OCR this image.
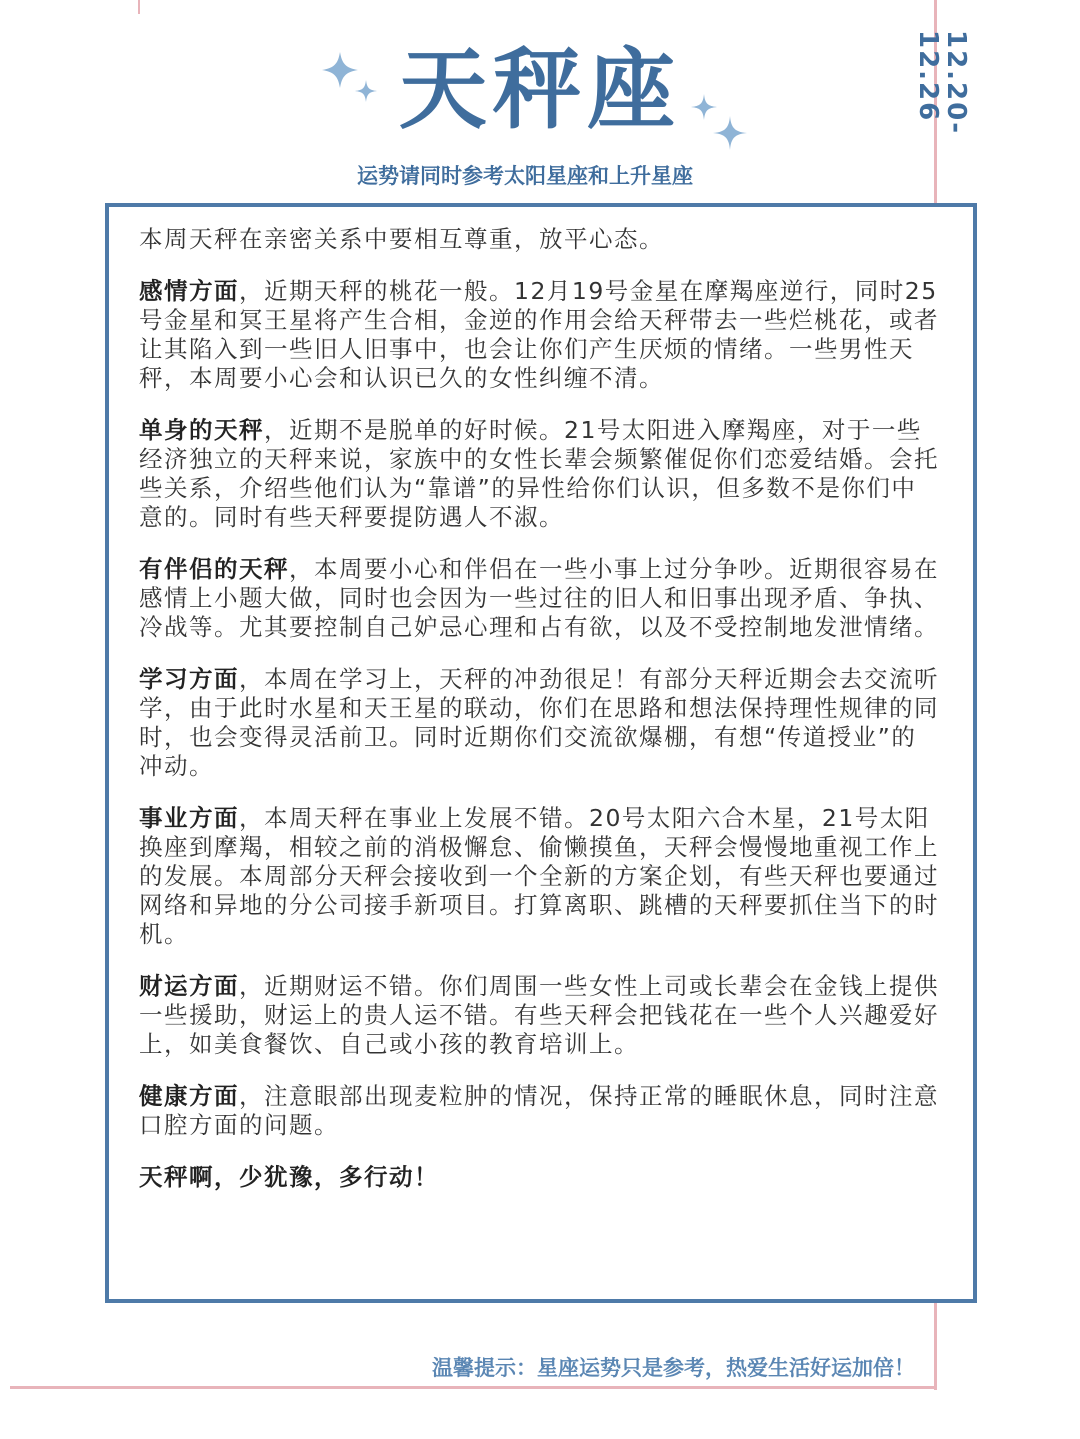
天秤座
运势请同时参考太阳星座和上升星座
12.20-12.26

本周天秤在亲密关系中要相互尊重，放平心态。

感情方面，近期天秤的桃花一般。12月19号金星在摩羯座逆行，同时25号金星和冥王星将产生合相，金逆的作用会给天秤带去一些烂桃花，或者让其陷入到一些旧人旧事中，也会让你们产生厌烦的情绪。一些男性天秤，本周要小心会和认识已久的女性纠缠不清。

单身的天秤，近期不是脱单的好时候。21号太阳进入摩羯座，对于一些经济独立的天秤来说，家族中的女性长辈会频繁催促你们恋爱结婚。会托些关系，介绍些他们认为“靠谱”的异性给你们认识，但多数不是你们中意的。同时有些天秤要提防遇人不淑。

有伴侣的天秤，本周要小心和伴侣在一些小事上过分争吵。近期很容易在感情上小题大做，同时也会因为一些过往的旧人和旧事出现矛盾、争执、冷战等。尤其要控制自己妒忌心理和占有欲，以及不受控制地发泄情绪。

学习方面，本周在学习上，天秤的冲劲很足！有部分天秤近期会去交流听学，由于此时水星和天王星的联动，你们在思路和想法保持理性规律的同时，也会变得灵活前卫。同时近期你们交流欲爆棚，有想“传道授业”的冲动。

事业方面，本周天秤在事业上发展不错。20号太阳六合木星，21号太阳换座到摩羯，相较之前的消极懈怠、偷懒摸鱼，天秤会慢慢地重视工作上的发展。本周部分天秤会接收到一个全新的方案企划，有些天秤也要通过网络和异地的分公司接手新项目。打算离职、跳槽的天秤要抓住当下的时机。

财运方面，近期财运不错。你们周围一些女性上司或长辈会在金钱上提供一些援助，财运上的贵人运不错。有些天秤会把钱花在一些个人兴趣爱好上，如美食餐饮、自己或小孩的教育培训上。

健康方面，注意眼部出现麦粒肿的情况，保持正常的睡眠休息，同时注意口腔方面的问题。

天秤啊，少犹豫，多行动！

温馨提示：星座运势只是参考，热爱生活好运加倍！
